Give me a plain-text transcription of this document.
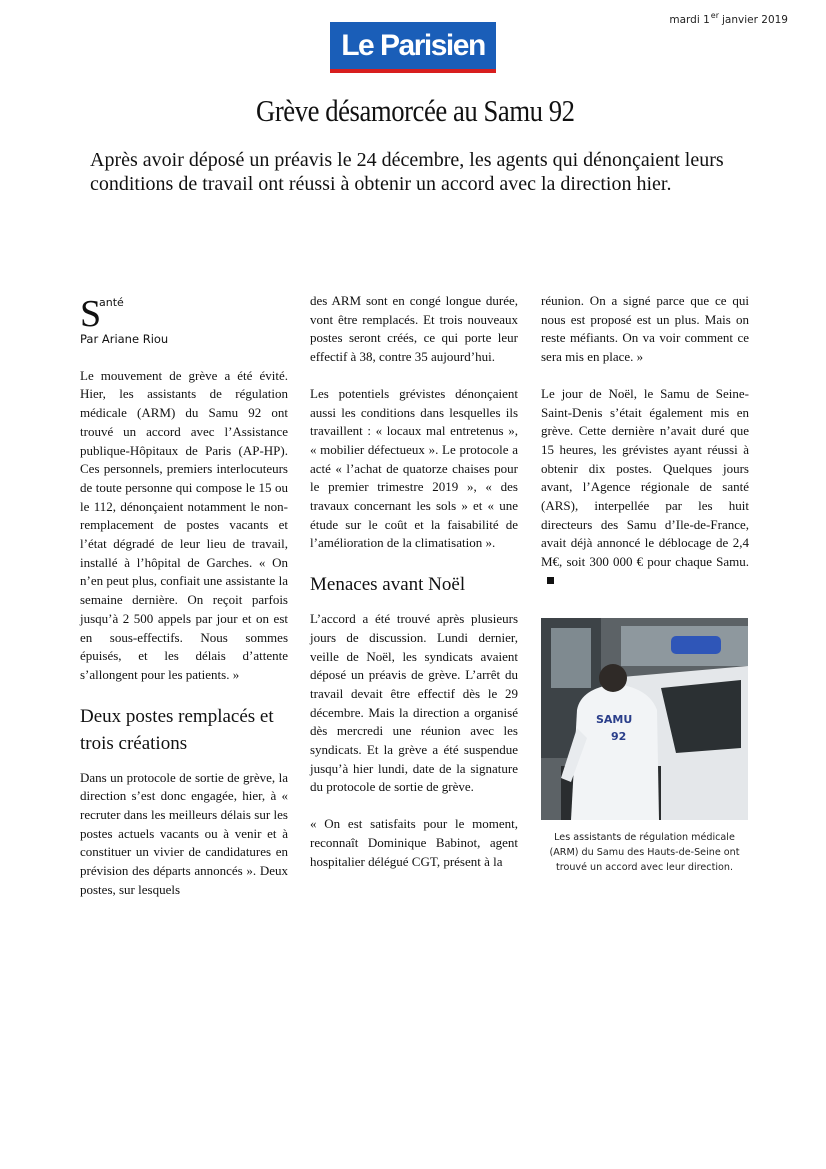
mardi 1er janvier 2019
Le Parisien
Grève désamorcée au Samu 92
Après avoir déposé un préavis le 24 décembre, les agents qui dénonçaient leurs conditions de travail ont réussi à obtenir un accord avec la direction hier.
S
anté
Par Ariane Riou

Le mouvement de grève a été évité. Hier, les assistants de régulation médicale (ARM) du Samu 92 ont trouvé un accord avec l’Assistance publique-Hôpitaux de Paris (AP-HP). Ces personnels, premiers interlocuteurs de toute personne qui compose le 15 ou le 112, dénonçaient notamment le non-remplacement de postes vacants et l’état dégradé de leur lieu de travail, installé à l’hôpital de Garches. « On n’en peut plus, confiait une assistante la semaine dernière. On reçoit parfois jusqu’à 2 500 appels par jour et on est en sous-effectifs. Nous sommes épuisés, et les délais d’attente s’allongent pour les patients. »

Deux postes remplacés et trois créations

Dans un protocole de sortie de grève, la direction s’est donc engagée, hier, à « recruter dans les meilleurs délais sur les postes actuels vacants ou à venir et à constituer un vivier de candidatures en prévision des départs annoncés ». Deux postes, sur lesquels

des ARM sont en congé longue durée, vont être remplacés. Et trois nouveaux postes seront créés, ce qui porte leur effectif à 38, contre 35 aujourd’hui.

Les potentiels grévistes dénonçaient aussi les conditions dans lesquelles ils travaillent : « locaux mal entretenus », « mobilier défectueux ». Le protocole a acté « l’achat de quatorze chaises pour le premier trimestre 2019 », « des travaux concernant les sols » et « une étude sur le coût et la faisabilité de l’amélioration de la climatisation ».

Menaces avant Noël

L’accord a été trouvé après plusieurs jours de discussion. Lundi dernier, veille de Noël, les syndicats avaient déposé un préavis de grève. L’arrêt du travail devait être effectif dès le 29 décembre. Mais la direction a organisé dès mercredi une réunion avec les syndicats. Et la grève a été suspendue jusqu’à hier lundi, date de la signature du protocole de sortie de grève.

« On est satisfaits pour le moment, reconnaît Dominique Babinot, agent hospitalier délégué CGT, présent à la

réunion. On a signé parce que ce qui nous est proposé est un plus. Mais on reste méfiants. On va voir comment ce sera mis en place. »

Le jour de Noël, le Samu de Seine-Saint-Denis s’était également mis en grève. Cette dernière n’avait duré que 15 heures, les grévistes ayant réussi à obtenir dix postes. Quelques jours avant, l’Agence régionale de santé (ARS), interpellée par les huit directeurs des Samu d’Ile-de-France, avait déjà annoncé le déblocage de 2,4 M€, soit 300 000 € pour chaque Samu.

SAMU
92
Les assistants de régulation médicale (ARM) du Samu des Hauts-de-Seine ont trouvé un accord avec leur direction.
